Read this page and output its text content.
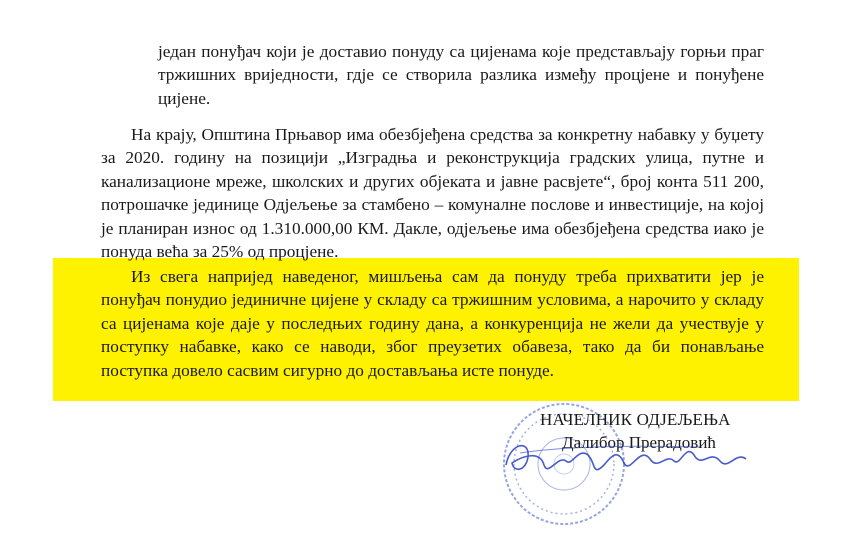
један понуђач који је доставио понуду са цијенама које представљају горњи праг тржишних вриједности, гдје се створила разлика између процјене и понуђене цијене.

На крају, Општина Прњавор има обезбјеђена средства за конкретну набавку у буџету за 2020. годину на позицији „Изградња и реконструкција градских улица, путне и канализационе мреже, школских и других објеката и јавне расвјете“, број конта 511 200, потрошачке јединице Одјељење за стамбено – комуналне послове и инвестиције, на којој је планиран износ од 1.310.000,00 КМ. Дакле, одјељење има обезбјеђена средства иако је понуда већа за 25% од процјене.

Из свега напријед наведеног, мишљења сам да понуду треба прихватити јер је понуђач понудио јединичне цијене у складу са тржишним условима, а нарочито у складу са цијенама које даје у последњих годину дана, а конкуренција не жели да учествује у поступку набавке, како се наводи, због преузетих обавеза, тако да би понављање поступка довело сасвим сигурно до достављања исте понуде.

НАЧЕЛНИК ОДЈЕЉЕЊА
Далибор Прерадовић
